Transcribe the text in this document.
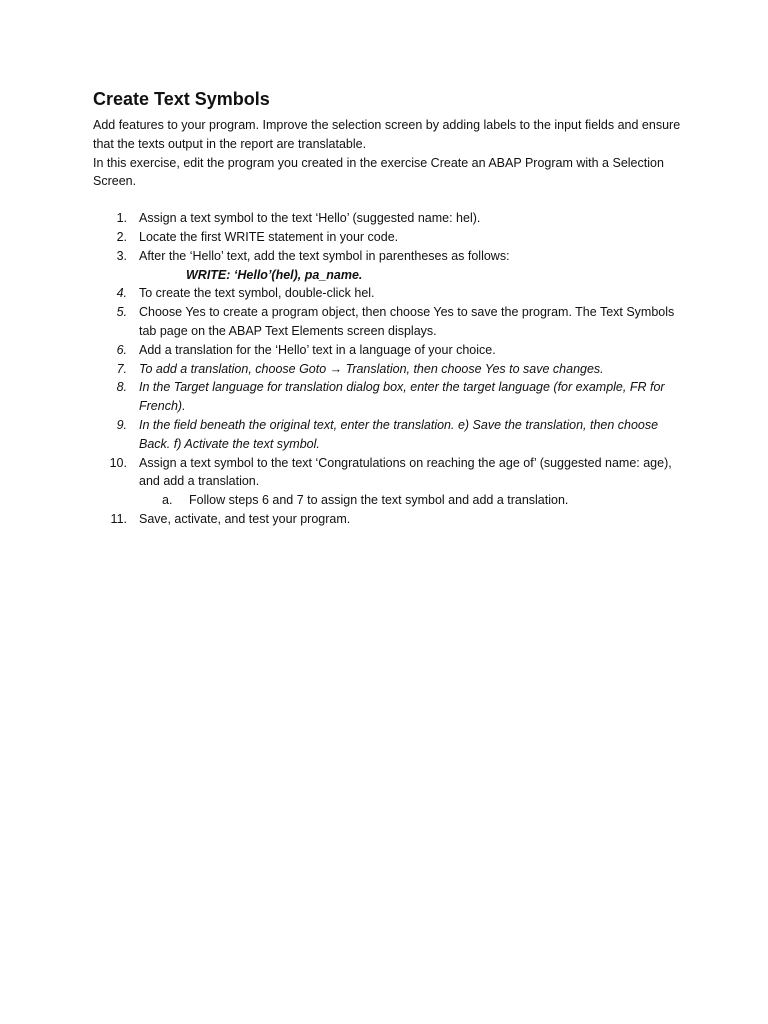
Create Text Symbols

Add features to your program. Improve the selection screen by adding labels to the input fields and ensure that the texts output in the report are translatable.

In this exercise, edit the program you created in the exercise Create an ABAP Program with a Selection Screen.

1. Assign a text symbol to the text ‘Hello’ (suggested name: hel).
2. Locate the first WRITE statement in your code.
3. After the ‘Hello’ text, add the text symbol in parentheses as follows:
WRITE: ‘Hello’(hel), pa_name.
4. To create the text symbol, double-click hel.
5. Choose Yes to create a program object, then choose Yes to save the program. The Text Symbols tab page on the ABAP Text Elements screen displays.
6. Add a translation for the ‘Hello’ text in a language of your choice.
7. To add a translation, choose Goto → Translation, then choose Yes to save changes.
8. In the Target language for translation dialog box, enter the target language (for example, FR for French).
9. In the field beneath the original text, enter the translation. e) Save the translation, then choose Back. f) Activate the text symbol.
10. Assign a text symbol to the text ‘Congratulations on reaching the age of’ (suggested name: age), and add a translation.
a. Follow steps 6 and 7 to assign the text symbol and add a translation.
11. Save, activate, and test your program.
